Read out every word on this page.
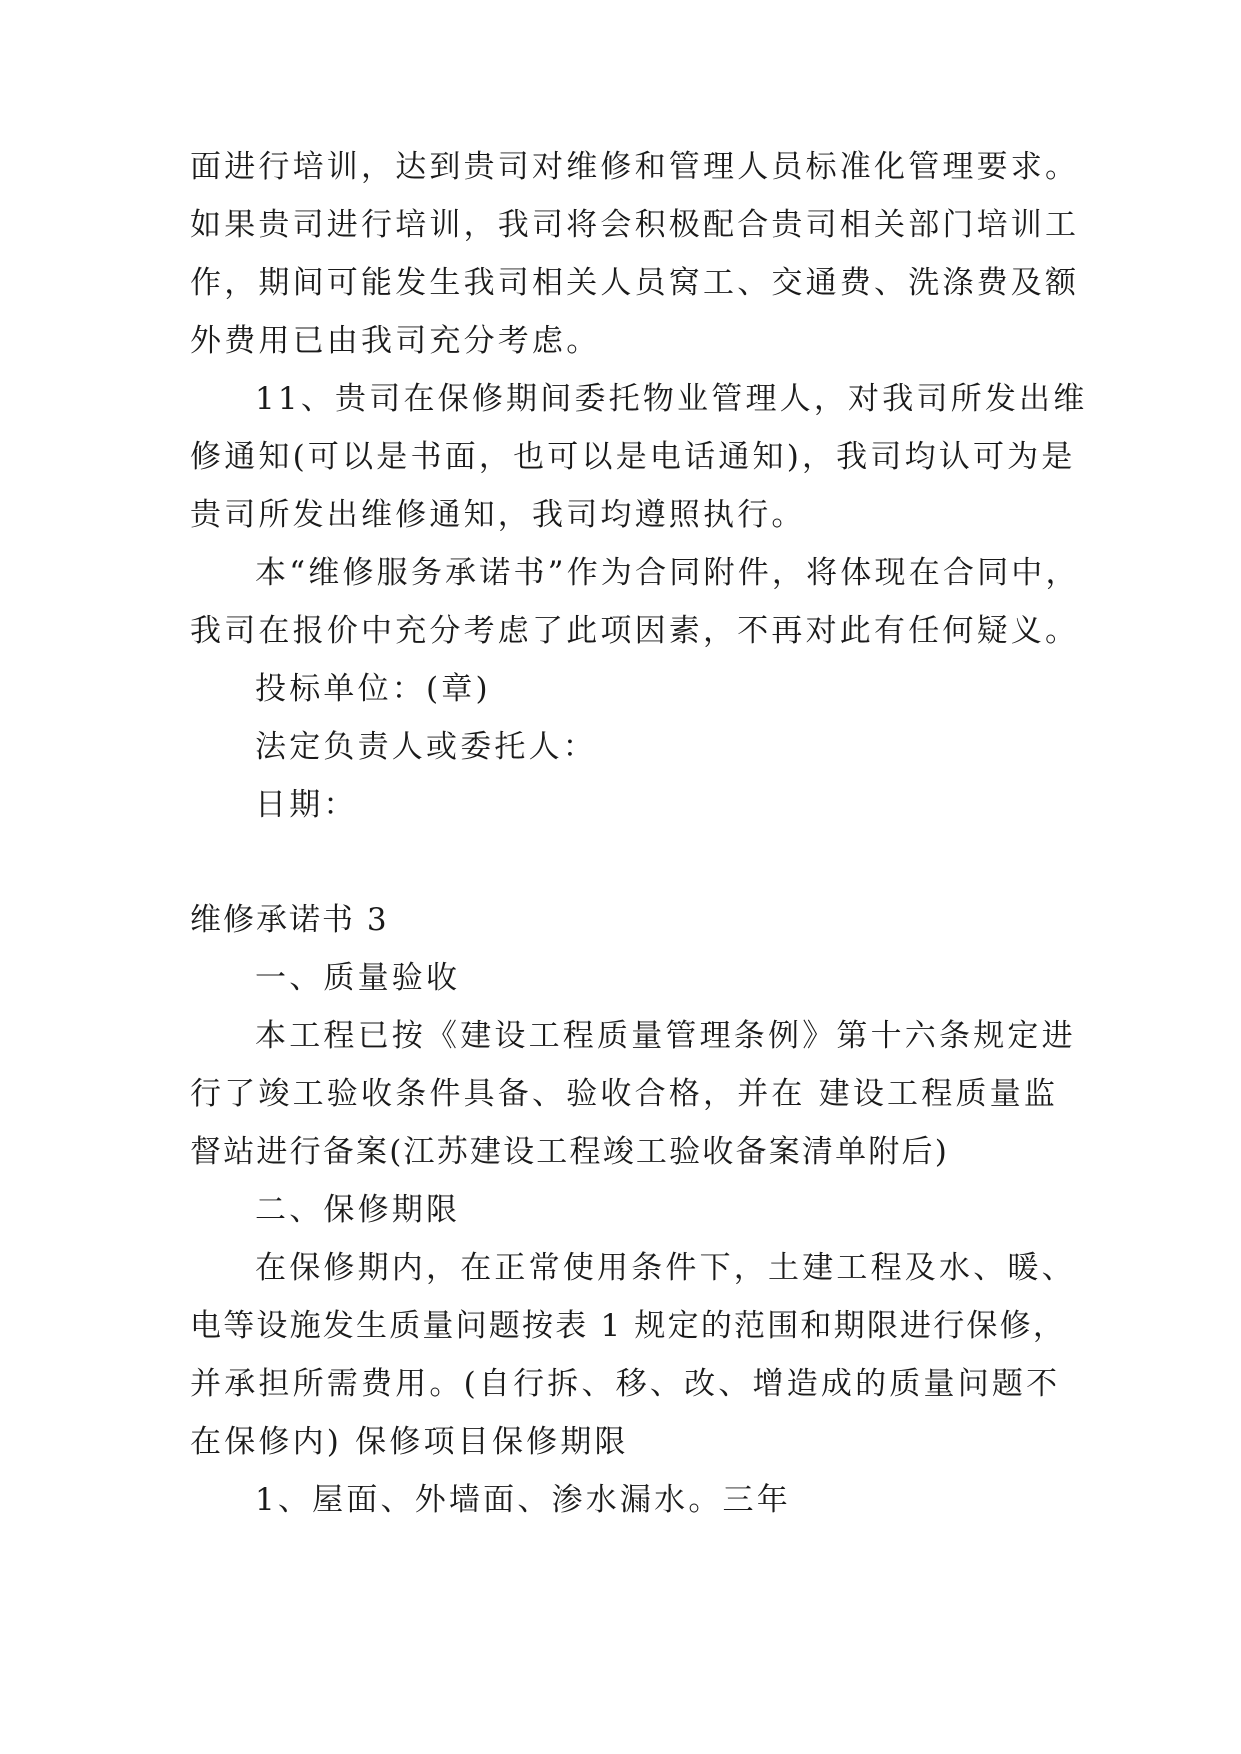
面进行培训，达到贵司对维修和管理人员标准化管理要求。
如果贵司进行培训，我司将会积极配合贵司相关部门培训工
作，期间可能发生我司相关人员窝工、交通费、洗涤费及额
外费用已由我司充分考虑。
11、贵司在保修期间委托物业管理人，对我司所发出维
修通知(可以是书面，也可以是电话通知)，我司均认可为是
贵司所发出维修通知，我司均遵照执行。
本“维修服务承诺书”作为合同附件，将体现在合同中，
我司在报价中充分考虑了此项因素，不再对此有任何疑义。
投标单位：(章)
法定负责人或委托人：
日期：
维修承诺书 3
一、质量验收
本工程已按《建设工程质量管理条例》第十六条规定进
行了竣工验收条件具备、验收合格，并在 建设工程质量监
督站进行备案(江苏建设工程竣工验收备案清单附后)
二、保修期限
在保修期内，在正常使用条件下，土建工程及水、暖、
电等设施发生质量问题按表 1 规定的范围和期限进行保修，
并承担所需费用。(自行拆、移、改、增造成的质量问题不
在保修内) 保修项目保修期限
1、屋面、外墙面、渗水漏水。三年
